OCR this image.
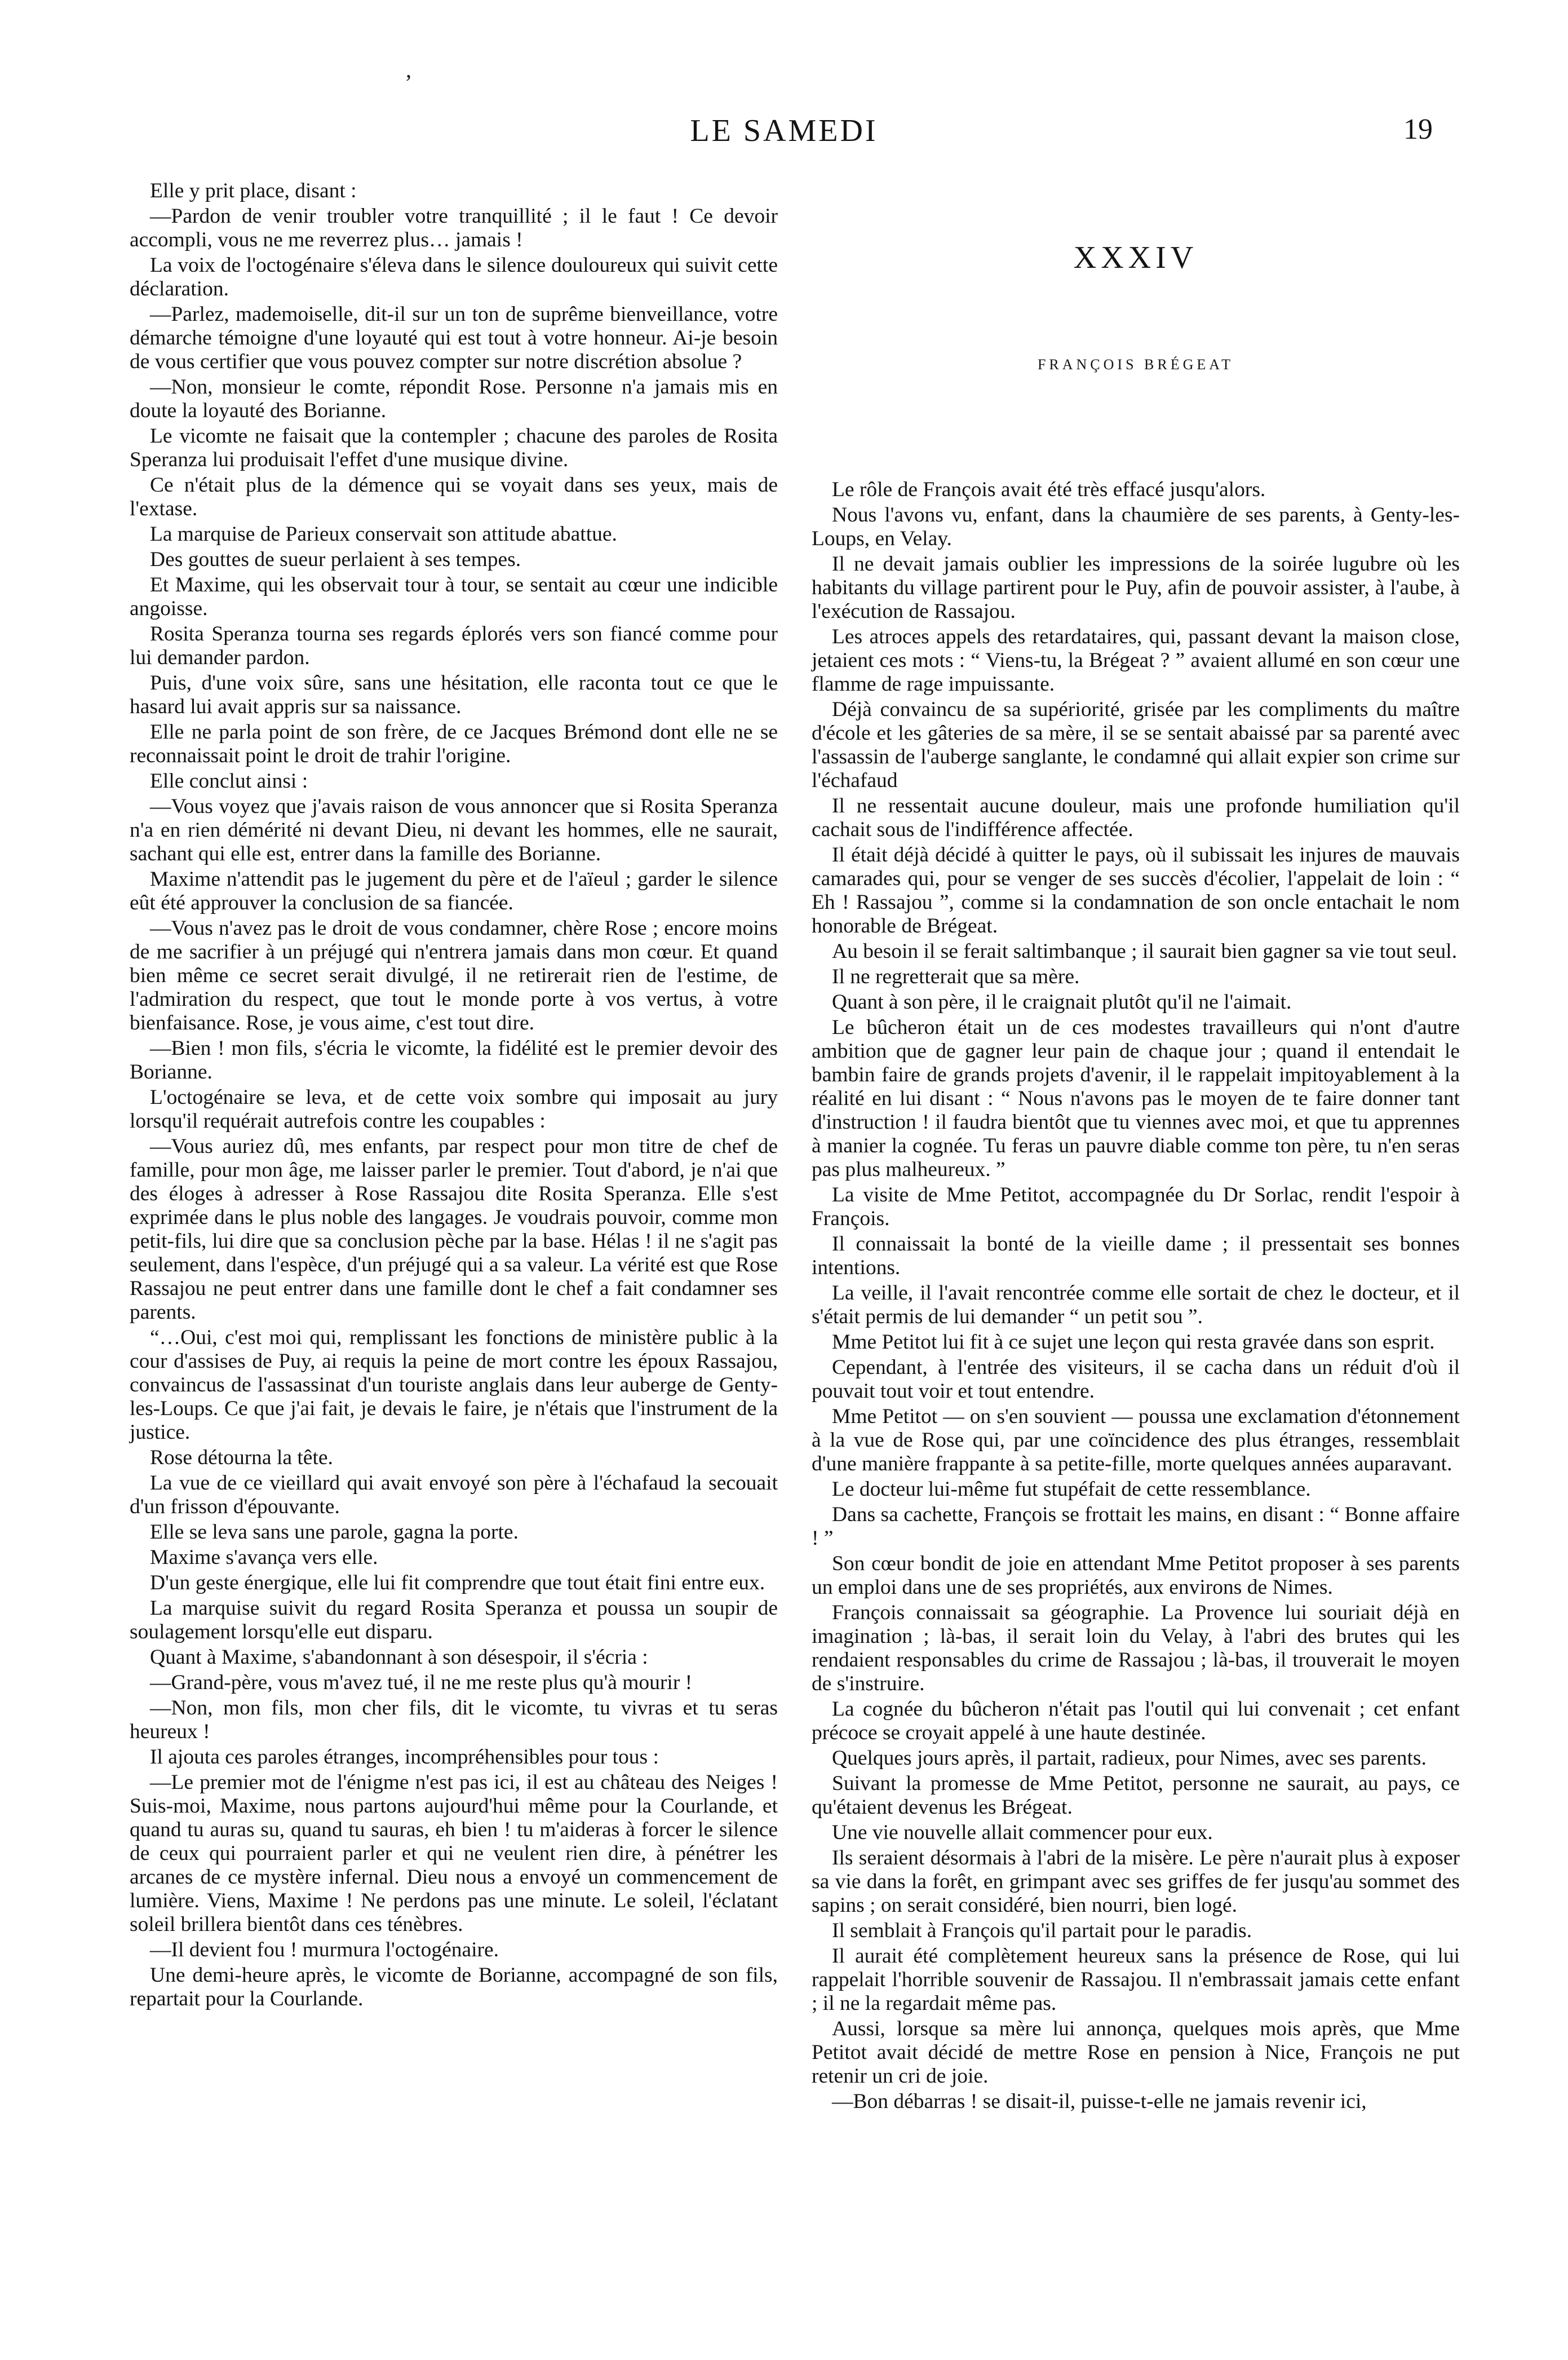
,
LE SAMEDI	19

Elle y prit place, disant :

—Pardon de venir troubler votre tranquillité ; il le faut ! Ce devoir accompli, vous ne me reverrez plus… jamais !

La voix de l'octogénaire s'éleva dans le silence douloureux qui suivit cette déclaration.

—Parlez, mademoiselle, dit-il sur un ton de suprême bienveillance, votre démarche témoigne d'une loyauté qui est tout à votre honneur. Ai-je besoin de vous certifier que vous pouvez compter sur notre discrétion absolue ?

—Non, monsieur le comte, répondit Rose. Personne n'a jamais mis en doute la loyauté des Borianne.

Le vicomte ne faisait que la contempler ; chacune des paroles de Rosita Speranza lui produisait l'effet d'une musique divine.

Ce n'était plus de la démence qui se voyait dans ses yeux, mais de l'extase.

La marquise de Parieux conservait son attitude abattue.

Des gouttes de sueur perlaient à ses tempes.

Et Maxime, qui les observait tour à tour, se sentait au cœur une indicible angoisse.

Rosita Speranza tourna ses regards éplorés vers son fiancé comme pour lui demander pardon.

Puis, d'une voix sûre, sans une hésitation, elle raconta tout ce que le hasard lui avait appris sur sa naissance.

Elle ne parla point de son frère, de ce Jacques Brémond dont elle ne se reconnaissait point le droit de trahir l'origine.

Elle conclut ainsi :

—Vous voyez que j'avais raison de vous annoncer que si Rosita Speranza n'a en rien démérité ni devant Dieu, ni devant les hommes, elle ne saurait, sachant qui elle est, entrer dans la famille des Borianne.

Maxime n'attendit pas le jugement du père et de l'aïeul ; garder le silence eût été approuver la conclusion de sa fiancée.

—Vous n'avez pas le droit de vous condamner, chère Rose ; encore moins de me sacrifier à un préjugé qui n'entrera jamais dans mon cœur. Et quand bien même ce secret serait divulgé, il ne retirerait rien de l'estime, de l'admiration du respect, que tout le monde porte à vos vertus, à votre bienfaisance. Rose, je vous aime, c'est tout dire.

—Bien ! mon fils, s'écria le vicomte, la fidélité est le premier devoir des Borianne.

L'octogénaire se leva, et de cette voix sombre qui imposait au jury lorsqu'il requérait autrefois contre les coupables :

—Vous auriez dû, mes enfants, par respect pour mon titre de chef de famille, pour mon âge, me laisser parler le premier. Tout d'abord, je n'ai que des éloges à adresser à Rose Rassajou dite Rosita Speranza. Elle s'est exprimée dans le plus noble des langages. Je voudrais pouvoir, comme mon petit-fils, lui dire que sa conclusion pèche par la base. Hélas ! il ne s'agit pas seulement, dans l'espèce, d'un préjugé qui a sa valeur. La vérité est que Rose Rassajou ne peut entrer dans une famille dont le chef a fait condamner ses parents.

“…Oui, c'est moi qui, remplissant les fonctions de ministère public à la cour d'assises de Puy, ai requis la peine de mort contre les époux Rassajou, convaincus de l'assassinat d'un touriste anglais dans leur auberge de Genty-les-Loups. Ce que j'ai fait, je devais le faire, je n'étais que l'instrument de la justice.

Rose détourna la tête.

La vue de ce vieillard qui avait envoyé son père à l'échafaud la secouait d'un frisson d'épouvante.

Elle se leva sans une parole, gagna la porte.

Maxime s'avança vers elle.

D'un geste énergique, elle lui fit comprendre que tout était fini entre eux.

La marquise suivit du regard Rosita Speranza et poussa un soupir de soulagement lorsqu'elle eut disparu.

Quant à Maxime, s'abandonnant à son désespoir, il s'écria :

—Grand-père, vous m'avez tué, il ne me reste plus qu'à mourir !

—Non, mon fils, mon cher fils, dit le vicomte, tu vivras et tu seras heureux !

Il ajouta ces paroles étranges, incompréhensibles pour tous :

—Le premier mot de l'énigme n'est pas ici, il est au château des Neiges ! Suis-moi, Maxime, nous partons aujourd'hui même pour la Courlande, et quand tu auras su, quand tu sauras, eh bien ! tu m'aideras à forcer le silence de ceux qui pourraient parler et qui ne veulent rien dire, à pénétrer les arcanes de ce mystère infernal. Dieu nous a envoyé un commencement de lumière. Viens, Maxime ! Ne perdons pas une minute. Le soleil, l'éclatant soleil brillera bientôt dans ces ténèbres.

—Il devient fou ! murmura l'octogénaire.

Une demi-heure après, le vicomte de Borianne, accompagné de son fils, repartait pour la Courlande.

XXXIV
FRANÇOIS BRÉGEAT

Le rôle de François avait été très effacé jusqu'alors.

Nous l'avons vu, enfant, dans la chaumière de ses parents, à Genty-les-Loups, en Velay.

Il ne devait jamais oublier les impressions de la soirée lugubre où les habitants du village partirent pour le Puy, afin de pouvoir assister, à l'aube, à l'exécution de Rassajou.

Les atroces appels des retardataires, qui, passant devant la maison close, jetaient ces mots : “ Viens-tu, la Brégeat ? ” avaient allumé en son cœur une flamme de rage impuissante.

Déjà convaincu de sa supériorité, grisée par les compliments du maître d'école et les gâteries de sa mère, il se se sentait abaissé par sa parenté avec l'assassin de l'auberge sanglante, le condamné qui allait expier son crime sur l'échafaud

Il ne ressentait aucune douleur, mais une profonde humiliation qu'il cachait sous de l'indifférence affectée.

Il était déjà décidé à quitter le pays, où il subissait les injures de mauvais camarades qui, pour se venger de ses succès d'écolier, l'appelait de loin : “ Eh ! Rassajou ”, comme si la condamnation de son oncle entachait le nom honorable de Brégeat.

Au besoin il se ferait saltimbanque ; il saurait bien gagner sa vie tout seul.

Il ne regretterait que sa mère.

Quant à son père, il le craignait plutôt qu'il ne l'aimait.

Le bûcheron était un de ces modestes travailleurs qui n'ont d'autre ambition que de gagner leur pain de chaque jour ; quand il entendait le bambin faire de grands projets d'avenir, il le rappelait impitoyablement à la réalité en lui disant : “ Nous n'avons pas le moyen de te faire donner tant d'instruction ! il faudra bientôt que tu viennes avec moi, et que tu apprennes à manier la cognée. Tu feras un pauvre diable comme ton père, tu n'en seras pas plus malheureux. ”

La visite de Mme Petitot, accompagnée du Dr Sorlac, rendit l'espoir à François.

Il connaissait la bonté de la vieille dame ; il pressentait ses bonnes intentions.

La veille, il l'avait rencontrée comme elle sortait de chez le docteur, et il s'était permis de lui demander “ un petit sou ”.

Mme Petitot lui fit à ce sujet une leçon qui resta gravée dans son esprit.

Cependant, à l'entrée des visiteurs, il se cacha dans un réduit d'où il pouvait tout voir et tout entendre.

Mme Petitot — on s'en souvient — poussa une exclamation d'étonnement à la vue de Rose qui, par une coïncidence des plus étranges, ressemblait d'une manière frappante à sa petite-fille, morte quelques années auparavant.

Le docteur lui-même fut stupéfait de cette ressemblance.

Dans sa cachette, François se frottait les mains, en disant : “ Bonne affaire ! ”

Son cœur bondit de joie en attendant Mme Petitot proposer à ses parents un emploi dans une de ses propriétés, aux environs de Nimes.

François connaissait sa géographie. La Provence lui souriait déjà en imagination ; là-bas, il serait loin du Velay, à l'abri des brutes qui les rendaient responsables du crime de Rassajou ; là-bas, il trouverait le moyen de s'instruire.

La cognée du bûcheron n'était pas l'outil qui lui convenait ; cet enfant précoce se croyait appelé à une haute destinée.

Quelques jours après, il partait, radieux, pour Nimes, avec ses parents.

Suivant la promesse de Mme Petitot, personne ne saurait, au pays, ce qu'étaient devenus les Brégeat.

Une vie nouvelle allait commencer pour eux.

Ils seraient désormais à l'abri de la misère. Le père n'aurait plus à exposer sa vie dans la forêt, en grimpant avec ses griffes de fer jusqu'au sommet des sapins ; on serait considéré, bien nourri, bien logé.

Il semblait à François qu'il partait pour le paradis.

Il aurait été complètement heureux sans la présence de Rose, qui lui rappelait l'horrible souvenir de Rassajou. Il n'embrassait jamais cette enfant ; il ne la regardait même pas.

Aussi, lorsque sa mère lui annonça, quelques mois après, que Mme Petitot avait décidé de mettre Rose en pension à Nice, François ne put retenir un cri de joie.

—Bon débarras ! se disait-il, puisse-t-elle ne jamais revenir ici,
